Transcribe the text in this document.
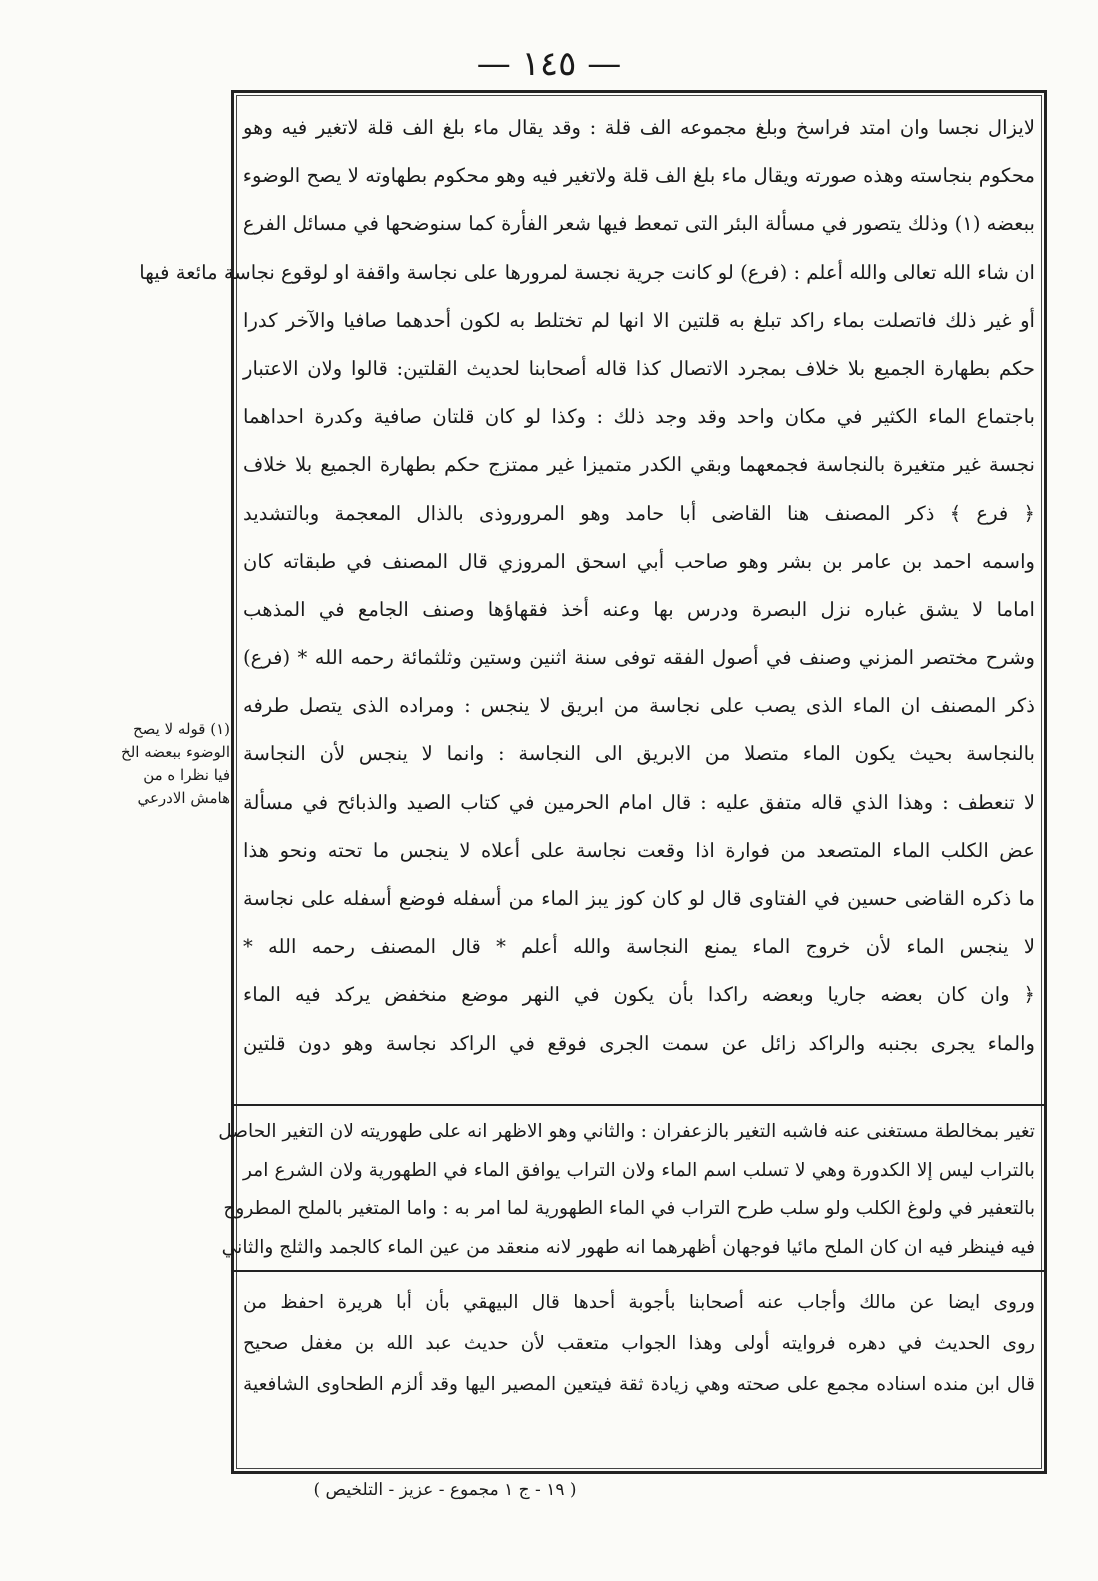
— ١٤٥ —

لايزال نجسا وان امتد فراسخ وبلغ مجموعه الف قلة : وقد يقال ماء بلغ الف قلة لاتغير فيه وهو

محكوم بنجاسته وهذه صورته ويقال ماء بلغ الف قلة ولاتغير فيه وهو محكوم بطهاوته لا يصح الوضوء

ببعضه (١) وذلك يتصور في مسألة البئر التى تمعط فيها شعر الفأرة كما سنوضحها في مسائل الفرع

ان شاء الله تعالى والله أعلم : (فرع) لو كانت جرية نجسة لمرورها على نجاسة واقفة او لوقوع نجاسة مائعة فيها

أو غير ذلك فاتصلت بماء راكد تبلغ به قلتين الا انها لم تختلط به لكون أحدهما صافيا والآخر كدرا

حكم بطهارة الجميع بلا خلاف بمجرد الاتصال كذا قاله أصحابنا لحديث القلتين: قالوا ولان الاعتبار

باجتماع الماء الكثير في مكان واحد وقد وجد ذلك : وكذا لو كان قلتان صافية وكدرة احداهما

نجسة غير متغيرة بالنجاسة فجمعهما وبقي الكدر متميزا غير ممتزج حكم بطهارة الجميع بلا خلاف

﴿ فرع ﴾ ذكر المصنف هنا القاضى أبا حامد وهو المروروذى بالذال المعجمة وبالتشديد

واسمه احمد بن عامر بن بشر وهو صاحب أبي اسحق المروزي قال المصنف في طبقاته كان

اماما لا يشق غباره نزل البصرة ودرس بها وعنه أخذ فقهاؤها وصنف الجامع في المذهب

وشرح مختصر المزني وصنف في أصول الفقه توفى سنة اثنين وستين وثلثمائة رحمه الله * (فرع)

ذكر المصنف ان الماء الذى يصب على نجاسة من ابريق لا ينجس : ومراده الذى يتصل طرفه

بالنجاسة بحيث يكون الماء متصلا من الابريق الى النجاسة : وانما لا ينجس لأن النجاسة

لا تنعطف : وهذا الذي قاله متفق عليه : قال امام الحرمين في كتاب الصيد والذبائح في مسألة

عض الكلب الماء المتصعد من فوارة اذا وقعت نجاسة على أعلاه لا ينجس ما تحته ونحو هذا

ما ذكره القاضى حسين في الفتاوى قال لو كان كوز يبز الماء من أسفله فوضع أسفله على نجاسة

لا ينجس الماء لأن خروج الماء يمنع النجاسة والله أعلم * قال المصنف رحمه الله *

﴿ وان كان بعضه جاريا وبعضه راكدا بأن يكون في النهر موضع منخفض يركد فيه الماء

والماء يجرى بجنبه والراكد زائل عن سمت الجرى فوقع في الراكد نجاسة وهو دون قلتين

تغير بمخالطة مستغنى عنه فاشبه التغير بالزعفران : والثاني وهو الاظهر انه على طهوريته لان التغير الحاصل

بالتراب ليس إلا الكدورة وهي لا تسلب اسم الماء ولان التراب يوافق الماء في الطهورية ولان الشرع امر

بالتعفير في ولوغ الكلب ولو سلب طرح التراب في الماء الطهورية لما امر به : واما المتغير بالملح المطروح

فيه فينظر فيه ان كان الملح مائيا فوجهان أظهرهما انه طهور لانه منعقد من عين الماء كالجمد والثلج والثاني

وروى ايضا عن مالك وأجاب عنه أصحابنا بأجوبة أحدها قال البيهقي بأن أبا هريرة احفظ من

روى الحديث في دهره فروايته أولى وهذا الجواب متعقب لأن حديث عبد الله بن مغفل صحيح

قال ابن منده اسناده مجمع على صحته وهي زيادة ثقة فيتعين المصير اليها وقد ألزم الطحاوى الشافعية

(١) قوله لا يصح

الوضوء ببعضه الخ

فيا نظرا ه من

هامش الادرعي

( ١٩ - ج ١ مجموع - عزيز - التلخيص )
